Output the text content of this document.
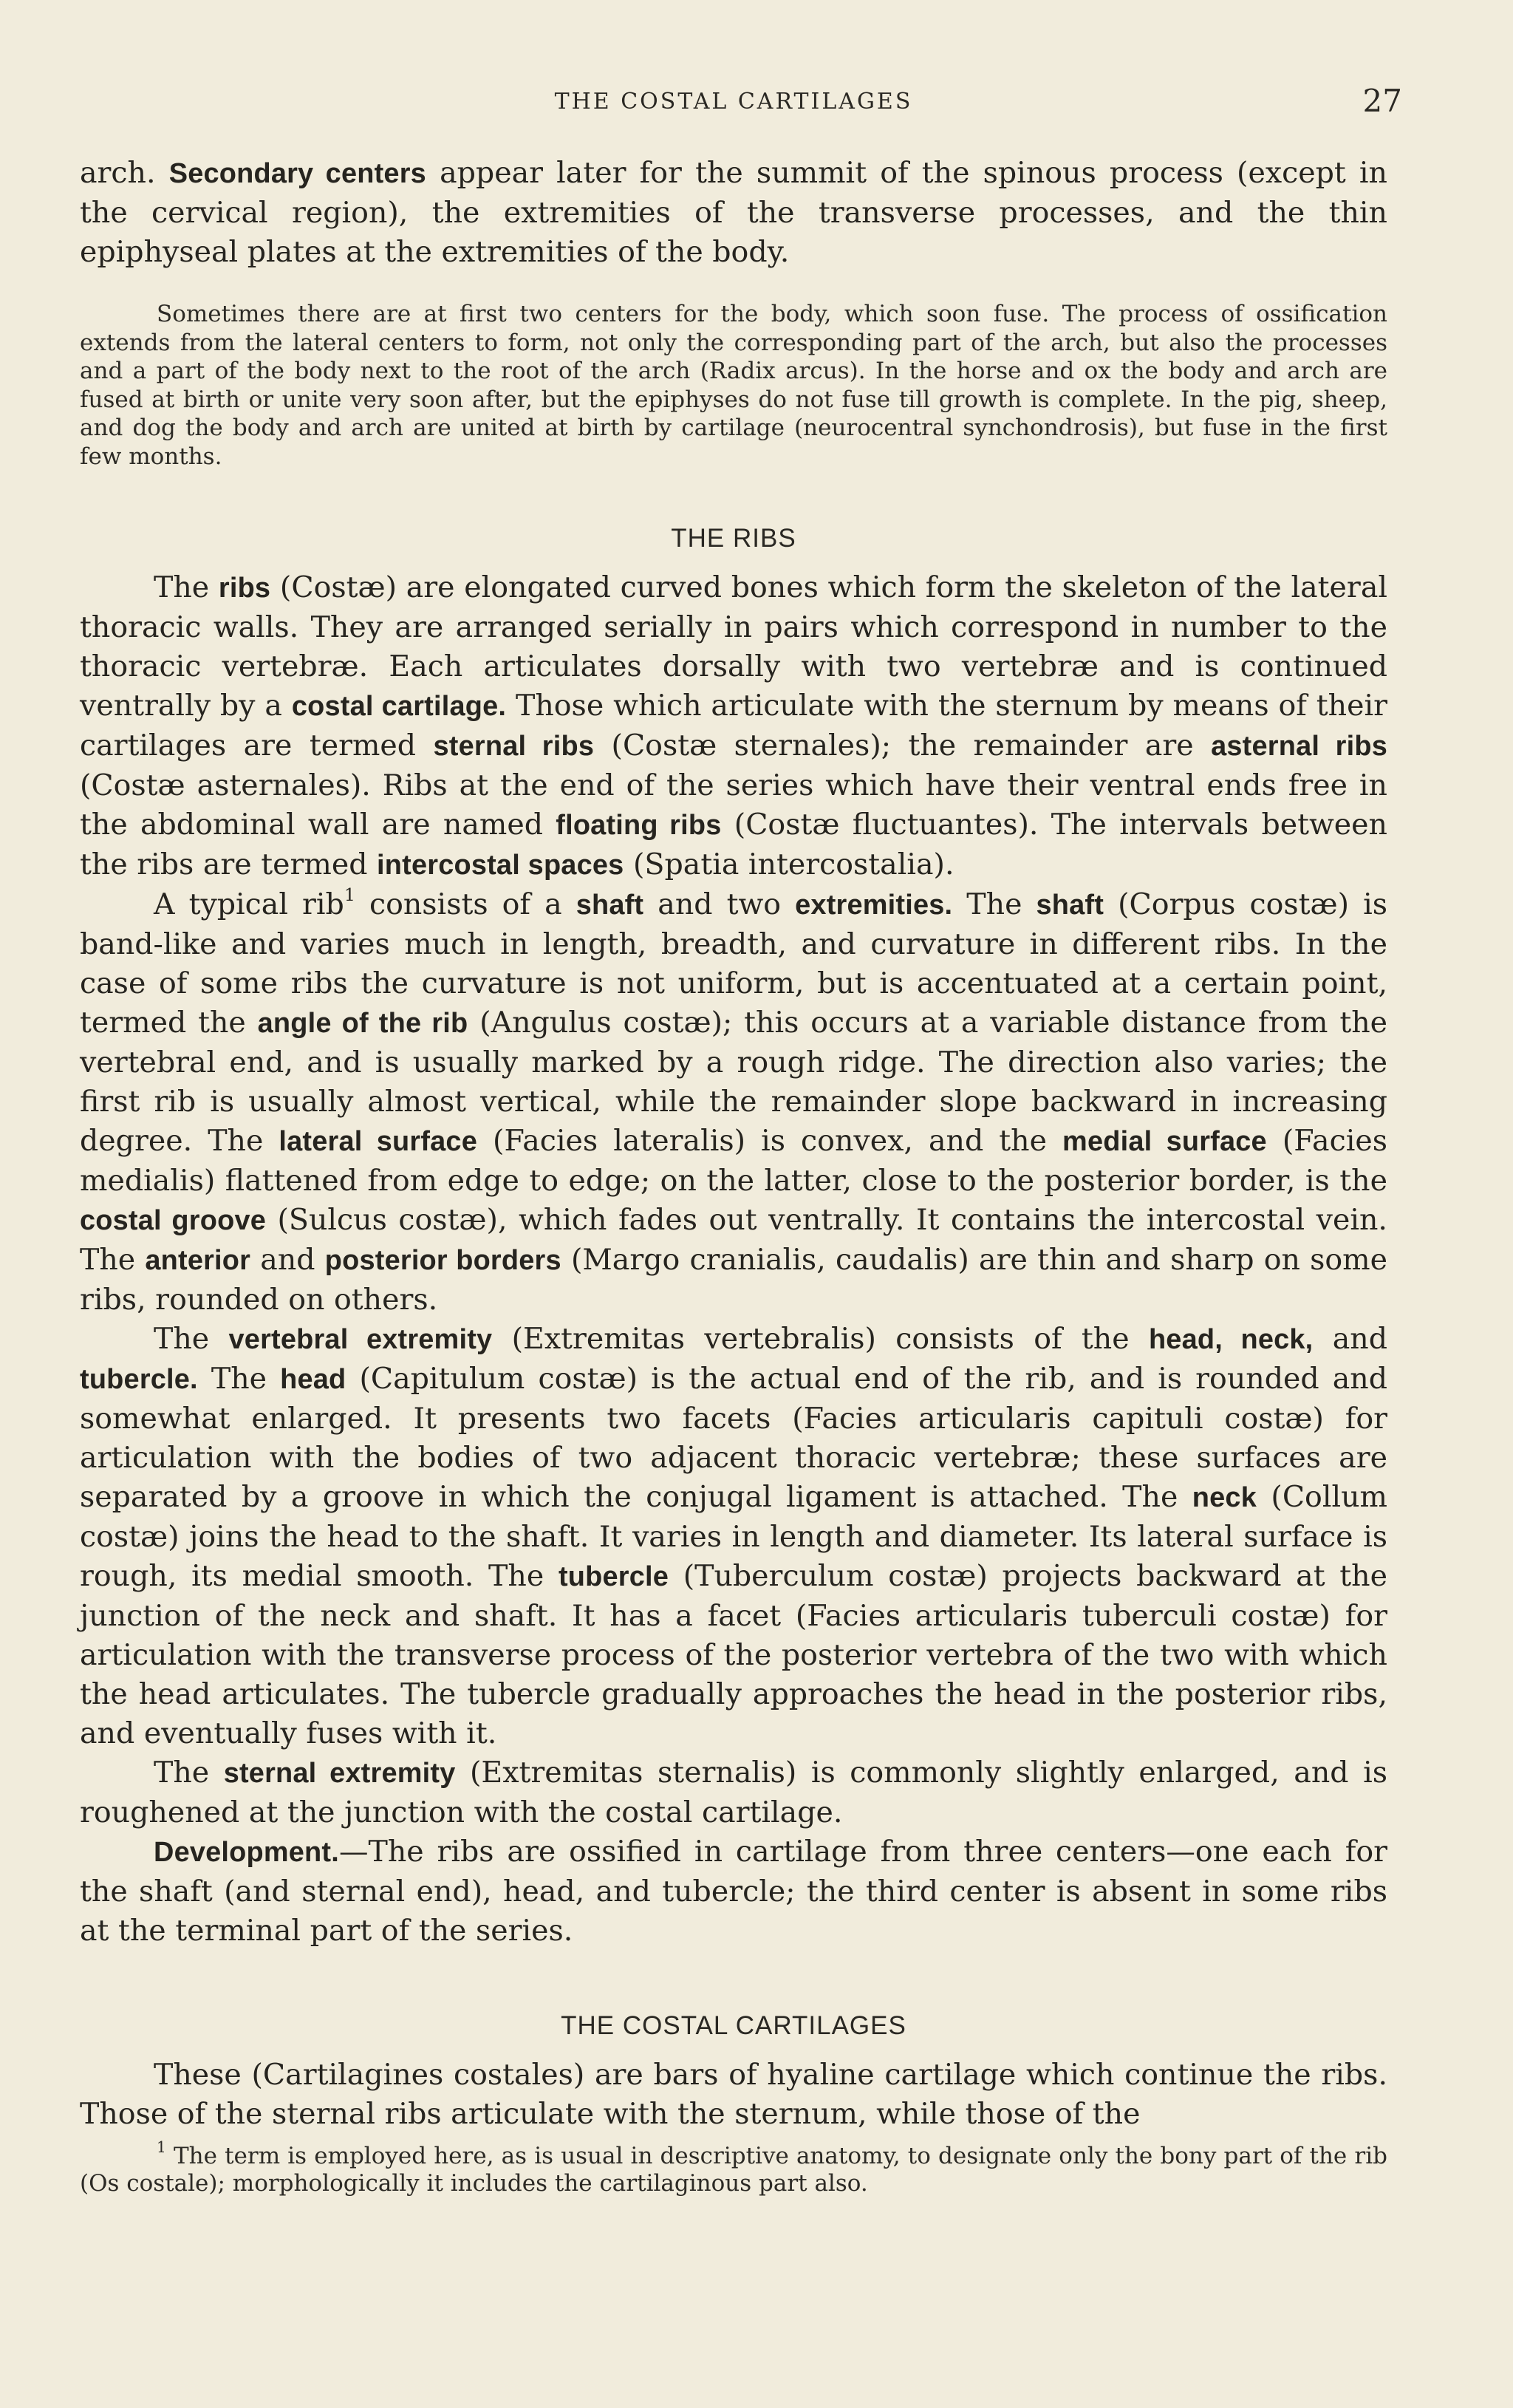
THE COSTAL CARTILAGES	27

arch. Secondary centers appear later for the summit of the spinous process (except in the cervical region), the extremities of the transverse processes, and the thin epiphyseal plates at the extremities of the body.

Sometimes there are at first two centers for the body, which soon fuse. The process of ossification extends from the lateral centers to form, not only the corresponding part of the arch, but also the processes and a part of the body next to the root of the arch (Radix arcus). In the horse and ox the body and arch are fused at birth or unite very soon after, but the epiphyses do not fuse till growth is complete. In the pig, sheep, and dog the body and arch are united at birth by cartilage (neurocentral synchondrosis), but fuse in the first few months.

THE RIBS

The ribs (Costæ) are elongated curved bones which form the skeleton of the lateral thoracic walls. They are arranged serially in pairs which correspond in number to the thoracic vertebræ. Each articulates dorsally with two vertebræ and is continued ventrally by a costal cartilage. Those which articulate with the sternum by means of their cartilages are termed sternal ribs (Costæ sternales); the remainder are asternal ribs (Costæ asternales). Ribs at the end of the series which have their ventral ends free in the abdominal wall are named floating ribs (Costæ fluctuantes). The intervals between the ribs are termed intercostal spaces (Spatia intercostalia).

A typical rib$^1$ consists of a shaft and two extremities. The shaft (Corpus costæ) is band-like and varies much in length, breadth, and curvature in different ribs. In the case of some ribs the curvature is not uniform, but is accentuated at a certain point, termed the angle of the rib (Angulus costæ); this occurs at a variable distance from the vertebral end, and is usually marked by a rough ridge. The direction also varies; the first rib is usually almost vertical, while the remainder slope backward in increasing degree. The lateral surface (Facies lateralis) is convex, and the medial surface (Facies medialis) flattened from edge to edge; on the latter, close to the posterior border, is the costal groove (Sulcus costæ), which fades out ventrally. It contains the intercostal vein. The anterior and posterior borders (Margo cranialis, caudalis) are thin and sharp on some ribs, rounded on others.

The vertebral extremity (Extremitas vertebralis) consists of the head, neck, and tubercle. The head (Capitulum costæ) is the actual end of the rib, and is rounded and somewhat enlarged. It presents two facets (Facies articularis capituli costæ) for articulation with the bodies of two adjacent thoracic vertebræ; these surfaces are separated by a groove in which the conjugal ligament is attached. The neck (Collum costæ) joins the head to the shaft. It varies in length and diameter. Its lateral surface is rough, its medial smooth. The tubercle (Tuberculum costæ) projects backward at the junction of the neck and shaft. It has a facet (Facies articularis tuberculi costæ) for articulation with the transverse process of the posterior vertebra of the two with which the head articulates. The tubercle gradually approaches the head in the posterior ribs, and eventually fuses with it.

The sternal extremity (Extremitas sternalis) is commonly slightly enlarged, and is roughened at the junction with the costal cartilage.

Development.—The ribs are ossified in cartilage from three centers—one each for the shaft (and sternal end), head, and tubercle; the third center is absent in some ribs at the terminal part of the series.

THE COSTAL CARTILAGES

These (Cartilagines costales) are bars of hyaline cartilage which continue the ribs. Those of the sternal ribs articulate with the sternum, while those of the

$^1$ The term is employed here, as is usual in descriptive anatomy, to designate only the bony part of the rib (Os costale); morphologically it includes the cartilaginous part also.
